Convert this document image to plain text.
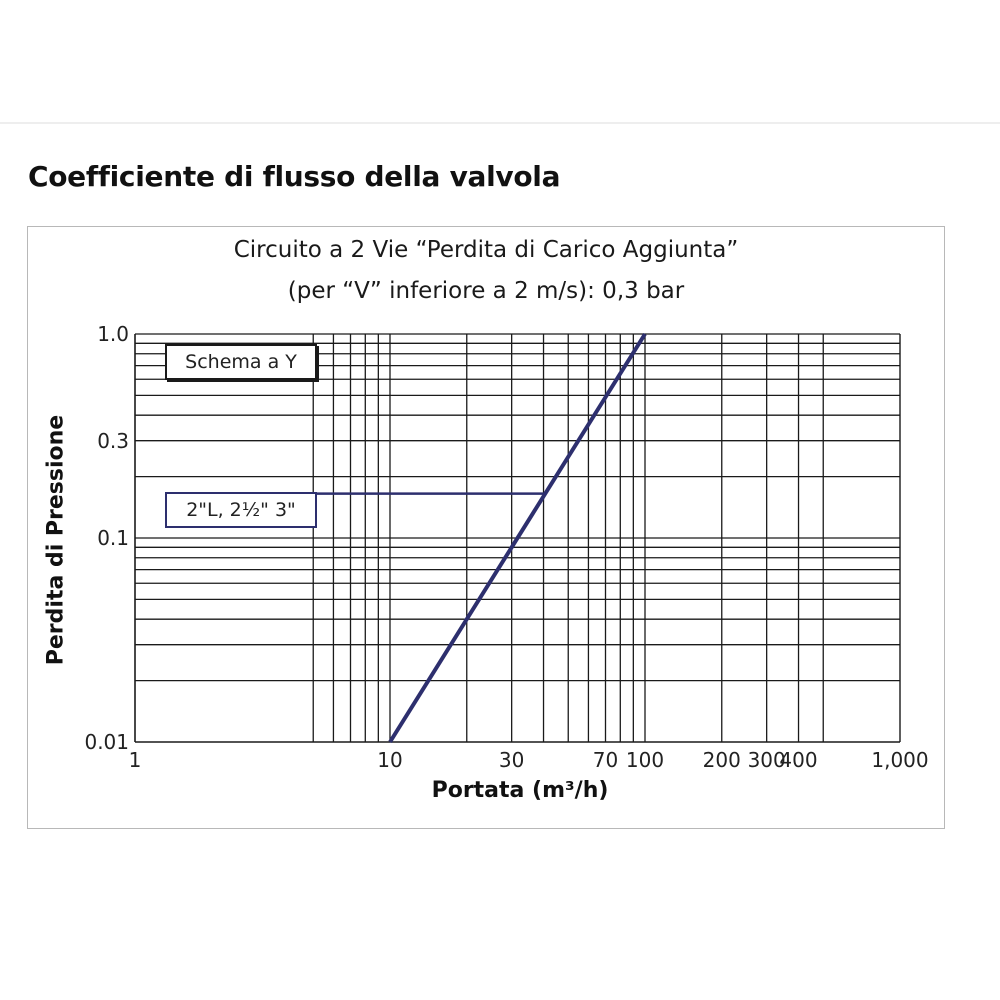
Coefficiente di flusso della valvola
Circuito a 2 Vie “Perdita di Carico Aggiunta”
(per “V” inferiore a 2 m/s): 0,3 bar
Perdita di Pressione
Portata (m³/h)
1.0
0.3
0.1
0.01
1	10	30	70 100 200 300
400	1,000
Schema a Y
2"L, 2½" 3"
